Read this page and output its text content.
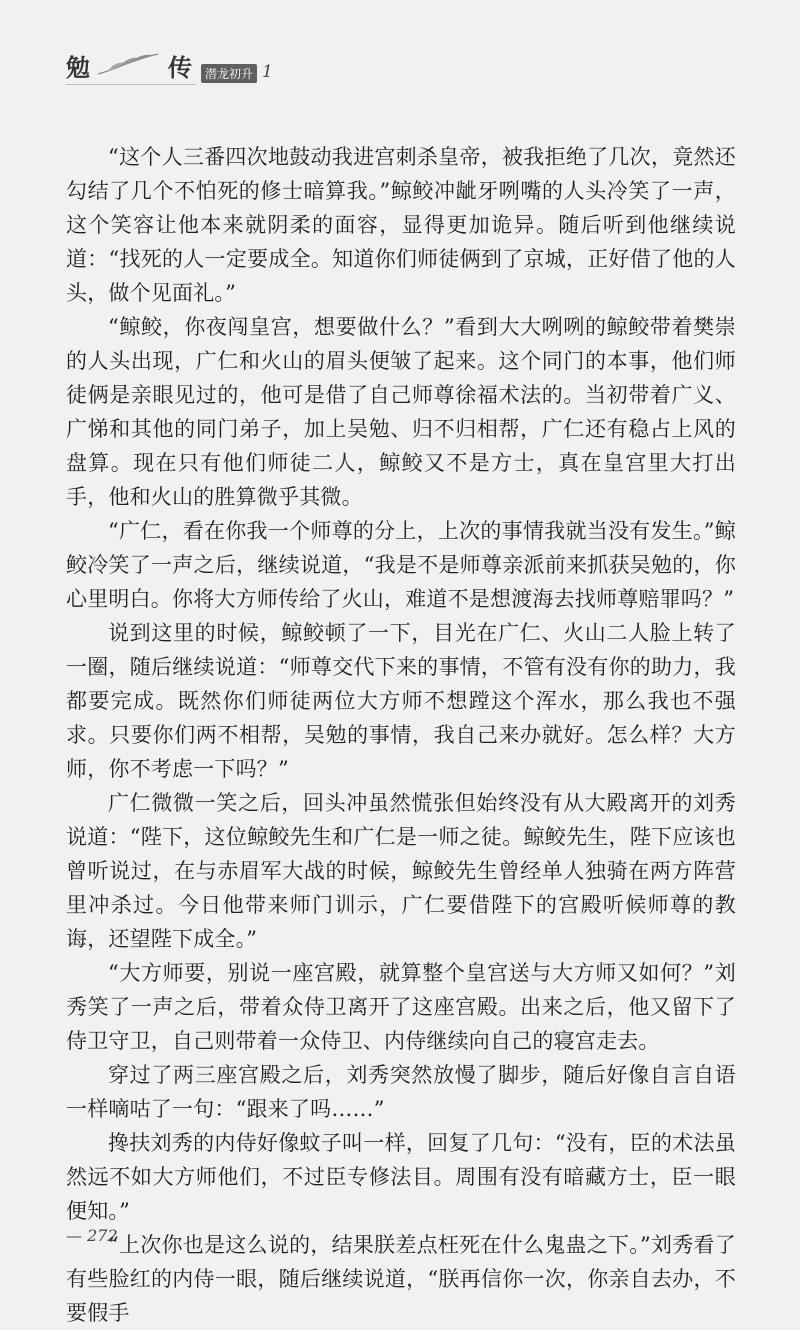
勉	传	潜龙初升 1

“这个人三番四次地鼓动我进宫刺杀皇帝，被我拒绝了几次，竟然还勾结了几个不怕死的修士暗算我。”鲸鲛冲龇牙咧嘴的人头冷笑了一声，这个笑容让他本来就阴柔的面容，显得更加诡异。随后听到他继续说道：“找死的人一定要成全。知道你们师徒俩到了京城，正好借了他的人头，做个见面礼。”

“鲸鲛，你夜闯皇宫，想要做什么？”看到大大咧咧的鲸鲛带着樊崇的人头出现，广仁和火山的眉头便皱了起来。这个同门的本事，他们师徒俩是亲眼见过的，他可是借了自己师尊徐福术法的。当初带着广义、广悌和其他的同门弟子，加上吴勉、归不归相帮，广仁还有稳占上风的盘算。现在只有他们师徒二人，鲸鲛又不是方士，真在皇宫里大打出手，他和火山的胜算微乎其微。

“广仁，看在你我一个师尊的分上，上次的事情我就当没有发生。”鲸鲛冷笑了一声之后，继续说道，“我是不是师尊亲派前来抓获吴勉的，你心里明白。你将大方师传给了火山，难道不是想渡海去找师尊赔罪吗？”

说到这里的时候，鲸鲛顿了一下，目光在广仁、火山二人脸上转了一圈，随后继续说道：“师尊交代下来的事情，不管有没有你的助力，我都要完成。既然你们师徒两位大方师不想蹚这个浑水，那么我也不强求。只要你们两不相帮，吴勉的事情，我自己来办就好。怎么样？大方师，你不考虑一下吗？”

广仁微微一笑之后，回头冲虽然慌张但始终没有从大殿离开的刘秀说道：“陛下，这位鲸鲛先生和广仁是一师之徒。鲸鲛先生，陛下应该也曾听说过，在与赤眉军大战的时候，鲸鲛先生曾经单人独骑在两方阵营里冲杀过。今日他带来师门训示，广仁要借陛下的宫殿听候师尊的教诲，还望陛下成全。”

“大方师要，别说一座宫殿，就算整个皇宫送与大方师又如何？”刘秀笑了一声之后，带着众侍卫离开了这座宫殿。出来之后，他又留下了侍卫守卫，自己则带着一众侍卫、内侍继续向自己的寝宫走去。

穿过了两三座宫殿之后，刘秀突然放慢了脚步，随后好像自言自语一样嘀咕了一句：“跟来了吗……”

搀扶刘秀的内侍好像蚊子叫一样，回复了几句：“没有，臣的术法虽然远不如大方师他们，不过臣专修法目。周围有没有暗藏方士，臣一眼便知。”

“上次你也是这么说的，结果朕差点枉死在什么鬼蛊之下。”刘秀看了有些脸红的内侍一眼，随后继续说道，“朕再信你一次，你亲自去办，不要假手

— 272
